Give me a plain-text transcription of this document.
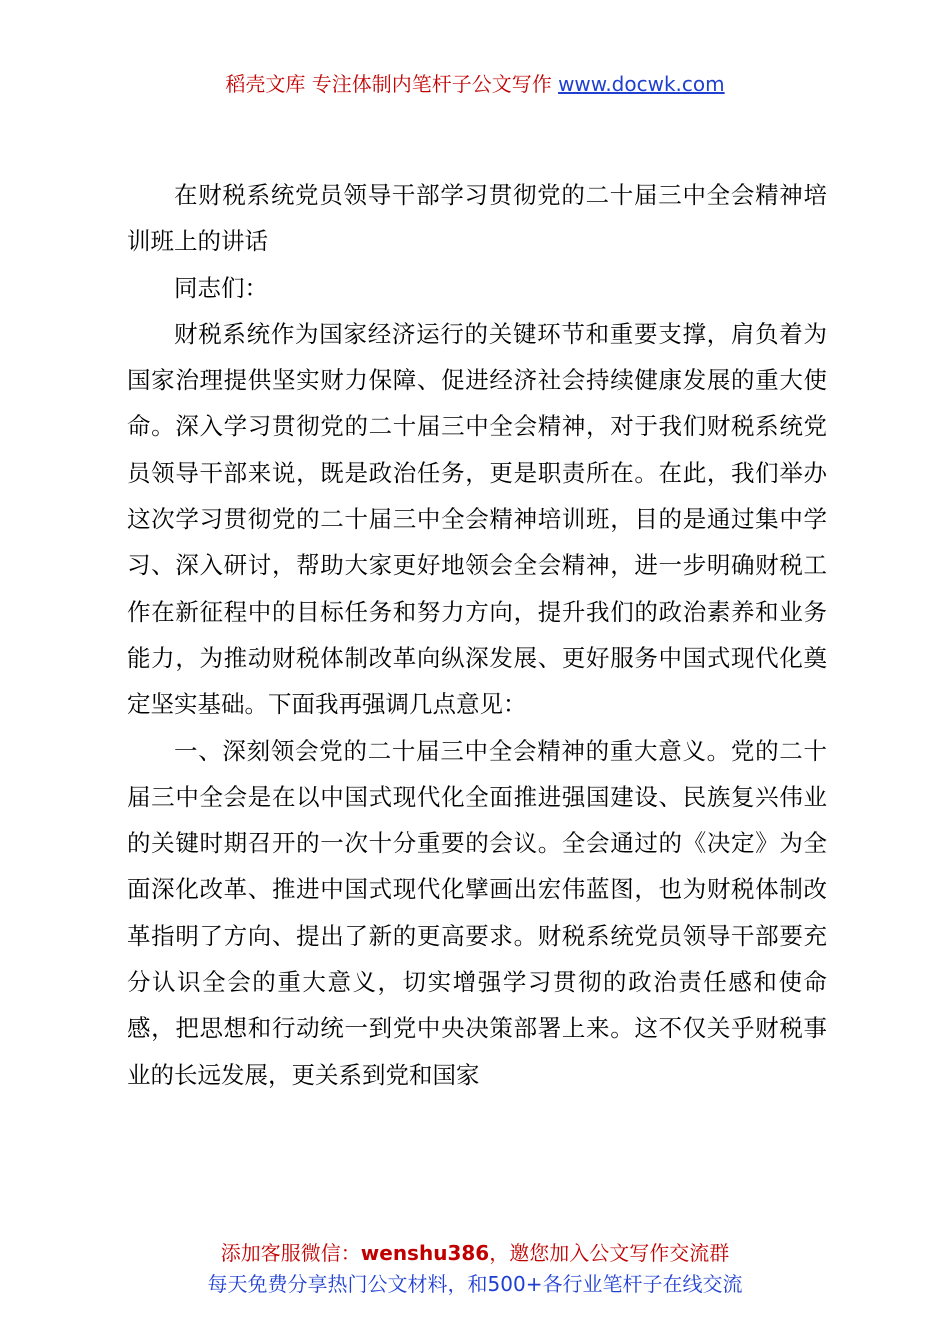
稻壳文库 专注体制内笔杆子公文写作 www.docwk.com

在财税系统党员领导干部学习贯彻党的二十届三中全会精神培训班上的讲话

同志们：

财税系统作为国家经济运行的关键环节和重要支撑，肩负着为国家治理提供坚实财力保障、促进经济社会持续健康发展的重大使命。深入学习贯彻党的二十届三中全会精神，对于我们财税系统党员领导干部来说，既是政治任务，更是职责所在。在此，我们举办这次学习贯彻党的二十届三中全会精神培训班，目的是通过集中学习、深入研讨，帮助大家更好地领会全会精神，进一步明确财税工作在新征程中的目标任务和努力方向，提升我们的政治素养和业务能力，为推动财税体制改革向纵深发展、更好服务中国式现代化奠定坚实基础。下面我再强调几点意见：

一、深刻领会党的二十届三中全会精神的重大意义。党的二十届三中全会是在以中国式现代化全面推进强国建设、民族复兴伟业的关键时期召开的一次十分重要的会议。全会通过的《决定》为全面深化改革、推进中国式现代化擘画出宏伟蓝图，也为财税体制改革指明了方向、提出了新的更高要求。财税系统党员领导干部要充分认识全会的重大意义，切实增强学习贯彻的政治责任感和使命感，把思想和行动统一到党中央决策部署上来。这不仅关乎财税事业的长远发展，更关系到党和国家

添加客服微信：wenshu386，邀您加入公文写作交流群
每天免费分享热门公文材料，和500+各行业笔杆子在线交流
